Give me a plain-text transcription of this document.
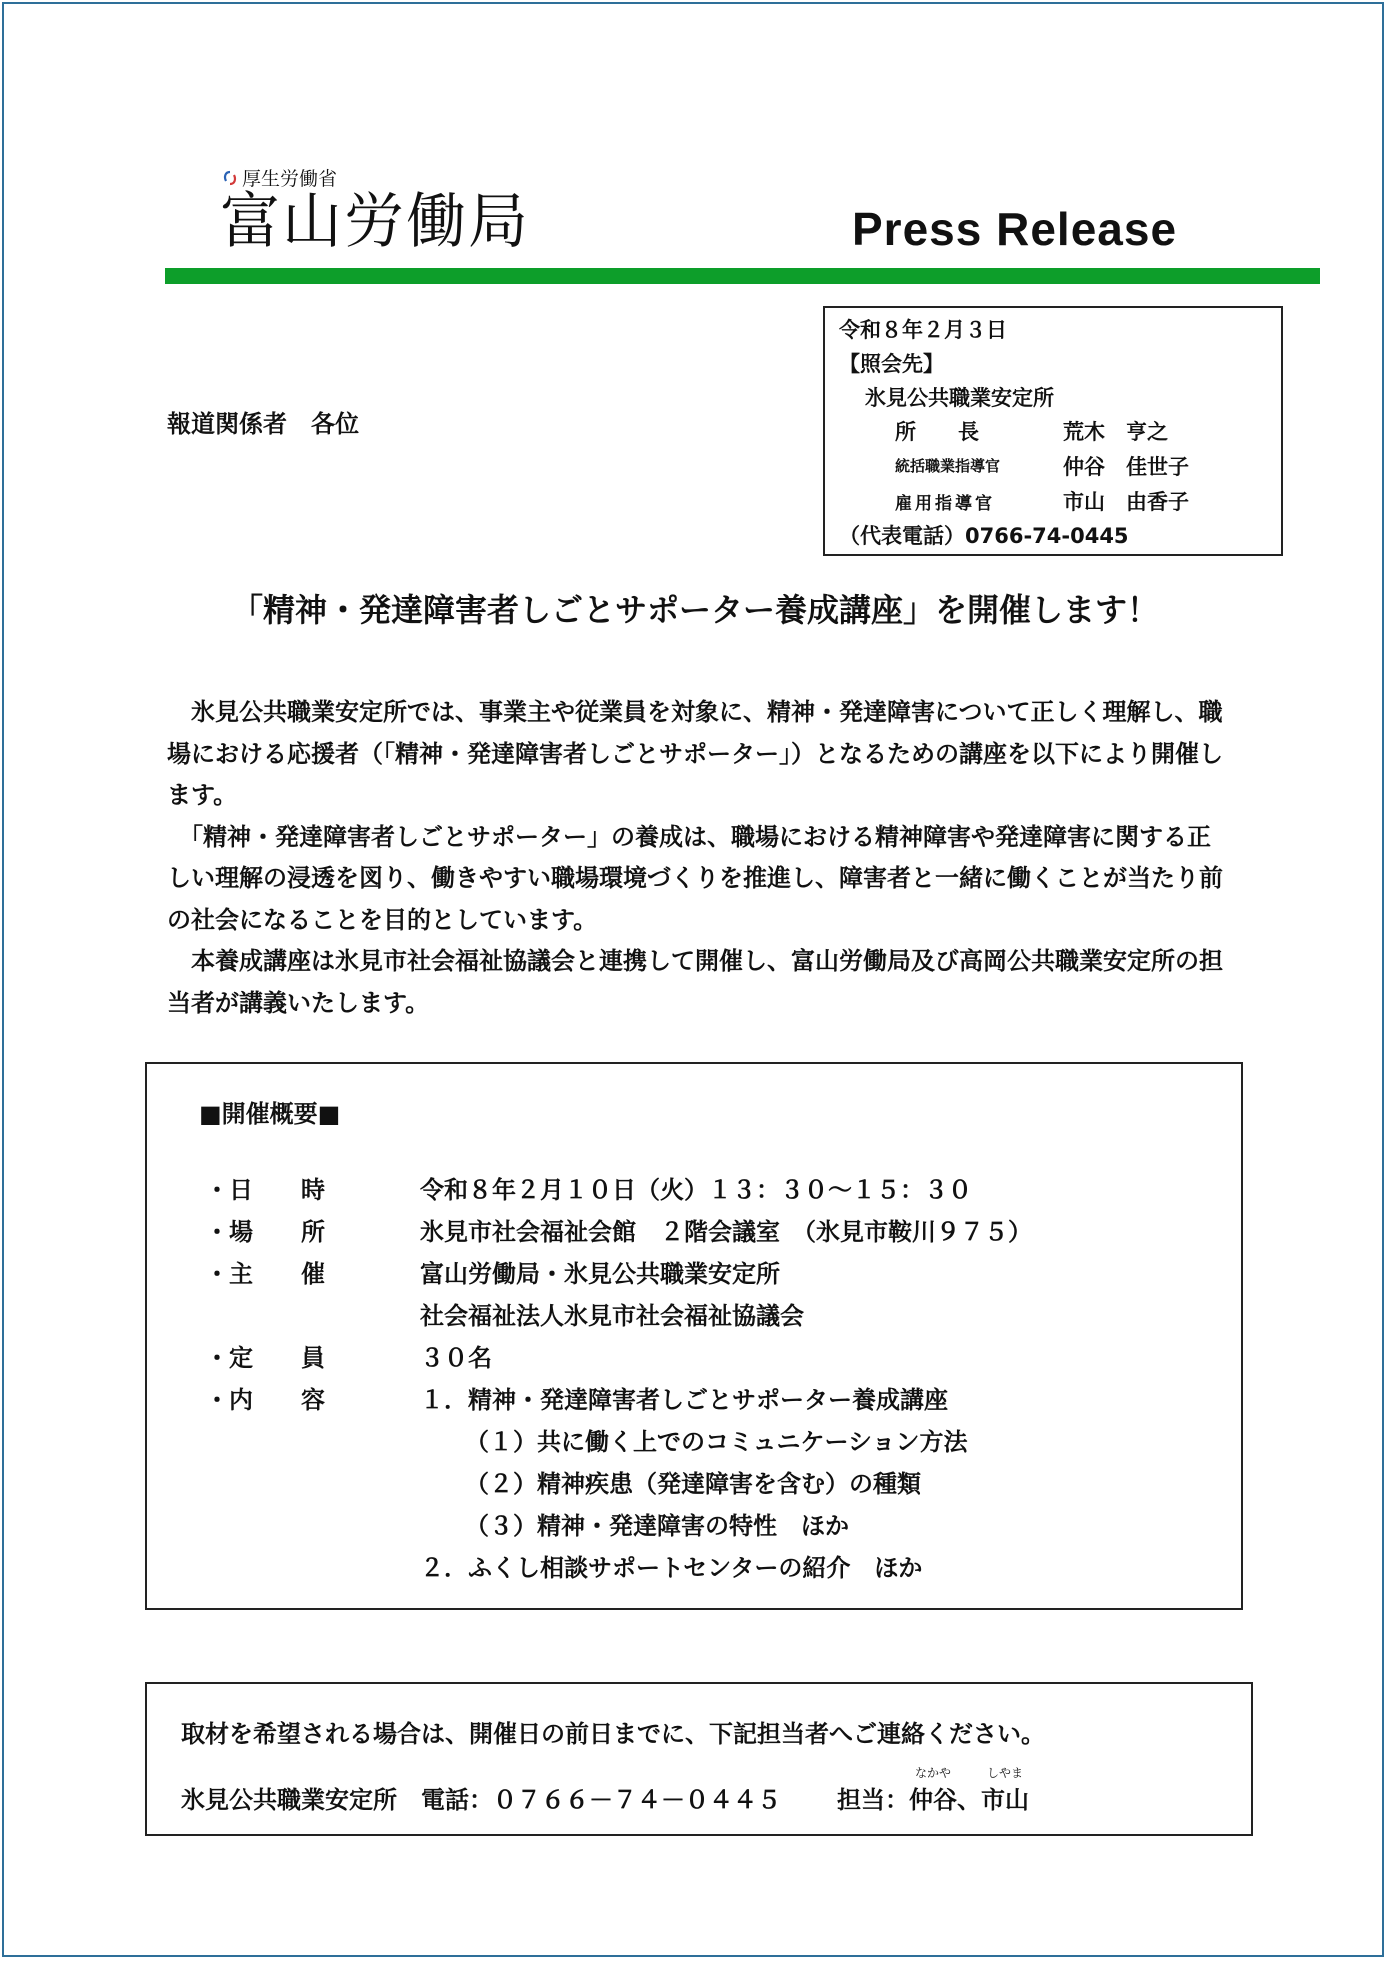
厚生労働省
富山労働局	Press Release
報道関係者　各位
令和８年２月３日
【照会先】
氷見公共職業安定所
所　　長	荒木　亨之
統括職業指導官	仲谷　佳世子
雇用指導官	市山　由香子
（代表電話）0766-74-0445
「精神・発達障害者しごとサポーター養成講座」を開催します！

　氷見公共職業安定所では、事業主や従業員を対象に、精神・発達障害について正しく理解し、職場における応援者（「精神・発達障害者しごとサポーター」）となるための講座を以下により開催します。

　「精神・発達障害者しごとサポーター」の養成は、職場における精神障害や発達障害に関する正しい理解の浸透を図り、働きやすい職場環境づくりを推進し、障害者と一緒に働くことが当たり前の社会になることを目的としています。

　本養成講座は氷見市社会福祉協議会と連携して開催し、富山労働局及び高岡公共職業安定所の担当者が講義いたします。

■開催概要■
・日　　時	令和８年２月１０日（火）１３：３０～１５：３０
・場　　所	氷見市社会福祉会館　２階会議室　（氷見市鞍川９７５）
・主　　催	富山労働局・氷見公共職業安定所
社会福祉法人氷見市社会福祉協議会
・定　　員	３０名
・内　　容	１．精神・発達障害者しごとサポーター養成講座
（１）共に働く上でのコミュニケーション方法
（２）精神疾患（発達障害を含む）の種類
（３）精神・発達障害の特性　ほか
２．ふくし相談サポートセンターの紹介　ほか
取材を希望される場合は、開催日の前日までに、下記担当者へご連絡ください。
氷見公共職業安定所　電話：０７６６－７４－０４４５ 担当：
なかや
仲谷、
しやま
市山
